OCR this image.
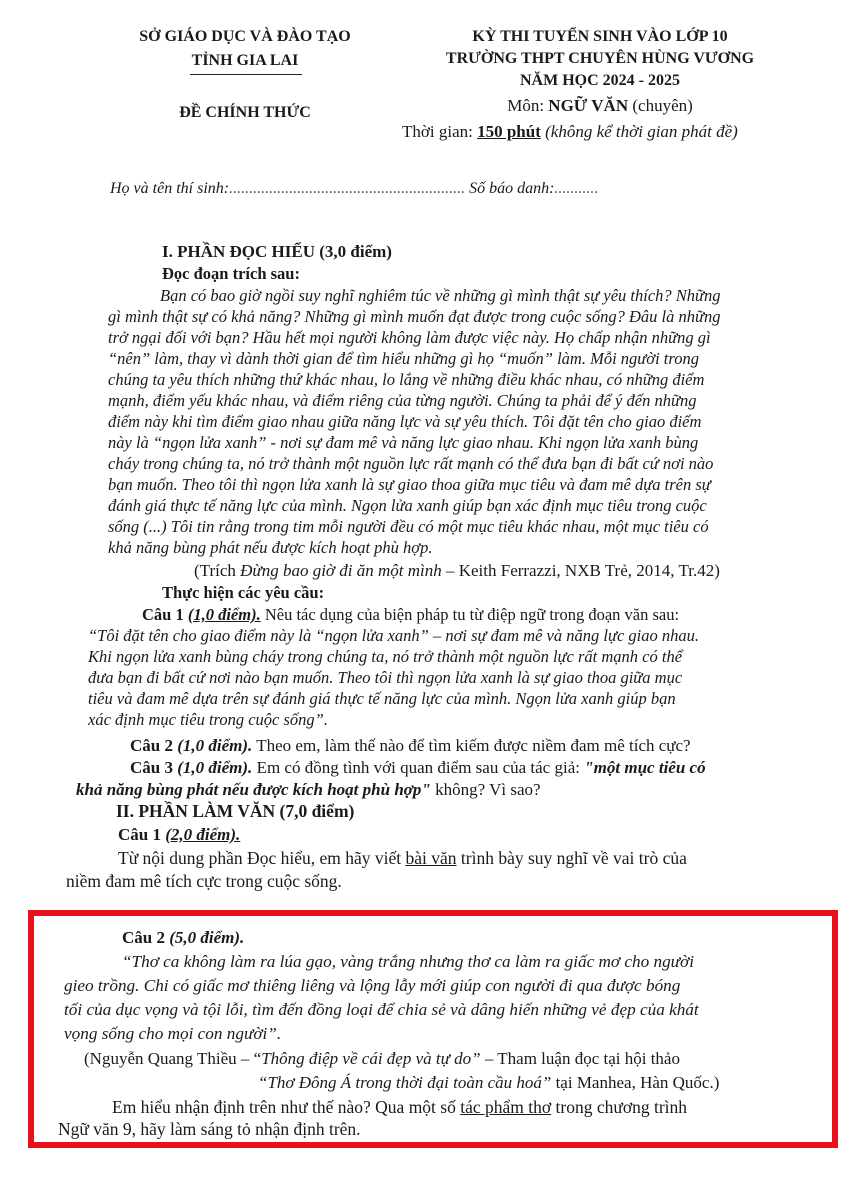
SỞ GIÁO DỤC VÀ ĐÀO TẠO
TỈNH GIA LAI
ĐỀ CHÍNH THỨC
KỲ THI TUYỂN SINH VÀO LỚP 10
TRƯỜNG THPT CHUYÊN HÙNG VƯƠNG
NĂM HỌC 2024 - 2025
Môn: NGỮ VĂN (chuyên)
Thời gian: 150 phút (không kể thời gian phát đề)
Họ và tên thí sinh:........................................................... Số báo danh:...........
I. PHẦN ĐỌC HIỂU (3,0 điểm)
Đọc đoạn trích sau:
Bạn có bao giờ ngồi suy nghĩ nghiêm túc về những gì mình thật sự yêu thích? Những
gì mình thật sự có khả năng? Những gì mình muốn đạt được trong cuộc sống? Đâu là những
trở ngại đối với bạn? Hầu hết mọi người không làm được việc này. Họ chấp nhận những gì
“nên” làm, thay vì dành thời gian để tìm hiểu những gì họ “muốn” làm. Mỗi người trong
chúng ta yêu thích những thứ khác nhau, lo lắng về những điều khác nhau, có những điểm
mạnh, điểm yếu khác nhau, và điểm riêng của từng người. Chúng ta phải để ý đến những
điểm này khi tìm điểm giao nhau giữa năng lực và sự yêu thích. Tôi đặt tên cho giao điểm
này là “ngọn lửa xanh” - nơi sự đam mê và năng lực giao nhau. Khi ngọn lửa xanh bùng
cháy trong chúng ta, nó trở thành một nguồn lực rất mạnh có thể đưa bạn đi bất cứ nơi nào
bạn muốn. Theo tôi thì ngọn lửa xanh là sự giao thoa giữa mục tiêu và đam mê dựa trên sự
đánh giá thực tế năng lực của mình. Ngọn lửa xanh giúp bạn xác định mục tiêu trong cuộc
sống (...) Tôi tin rằng trong tim mỗi người đều có một mục tiêu khác nhau, một mục tiêu có
khả năng bùng phát nếu được kích hoạt phù hợp.
(Trích Đừng bao giờ đi ăn một mình – Keith Ferrazzi, NXB Trẻ, 2014, Tr.42)
Thực hiện các yêu cầu:
Câu 1 (1,0 điểm). Nêu tác dụng của biện pháp tu từ điệp ngữ trong đoạn văn sau:
“Tôi đặt tên cho giao điểm này là “ngọn lửa xanh” – nơi sự đam mê và năng lực giao nhau.
Khi ngọn lửa xanh bùng cháy trong chúng ta, nó trở thành một nguồn lực rất mạnh có thể
đưa bạn đi bất cứ nơi nào bạn muốn. Theo tôi thì ngọn lửa xanh là sự giao thoa giữa mục
tiêu và đam mê dựa trên sự đánh giá thực tế năng lực của mình. Ngọn lửa xanh giúp bạn
xác định mục tiêu trong cuộc sống”.
Câu 2 (1,0 điểm). Theo em, làm thế nào để tìm kiếm được niềm đam mê tích cực?
Câu 3 (1,0 điểm). Em có đồng tình với quan điểm sau của tác giả: "một mục tiêu có
khả năng bùng phát nếu được kích hoạt phù hợp" không? Vì sao?
II. PHẦN LÀM VĂN (7,0 điểm)
Câu 1 (2,0 điểm).
Từ nội dung phần Đọc hiểu, em hãy viết bài văn trình bày suy nghĩ về vai trò của
niềm đam mê tích cực trong cuộc sống.
Câu 2 (5,0 điểm).
“Thơ ca không làm ra lúa gạo, vàng trắng nhưng thơ ca làm ra giấc mơ cho người
gieo trồng. Chi có giấc mơ thiêng liêng và lộng lẫy mới giúp con người đi qua được bóng
tối của dục vọng và tội lỗi, tìm đến đồng loại để chia sẻ và dâng hiến những vẻ đẹp của khát
vọng sống cho mọi con người”.
(Nguyễn Quang Thiều – “Thông điệp về cái đẹp và tự do” – Tham luận đọc tại hội thảo
“Thơ Đông Á trong thời đại toàn cầu hoá” tại Manhea, Hàn Quốc.)
Em hiểu nhận định trên như thế nào? Qua một số tác phẩm thơ trong chương trình
Ngữ văn 9, hãy làm sáng tỏ nhận định trên.
